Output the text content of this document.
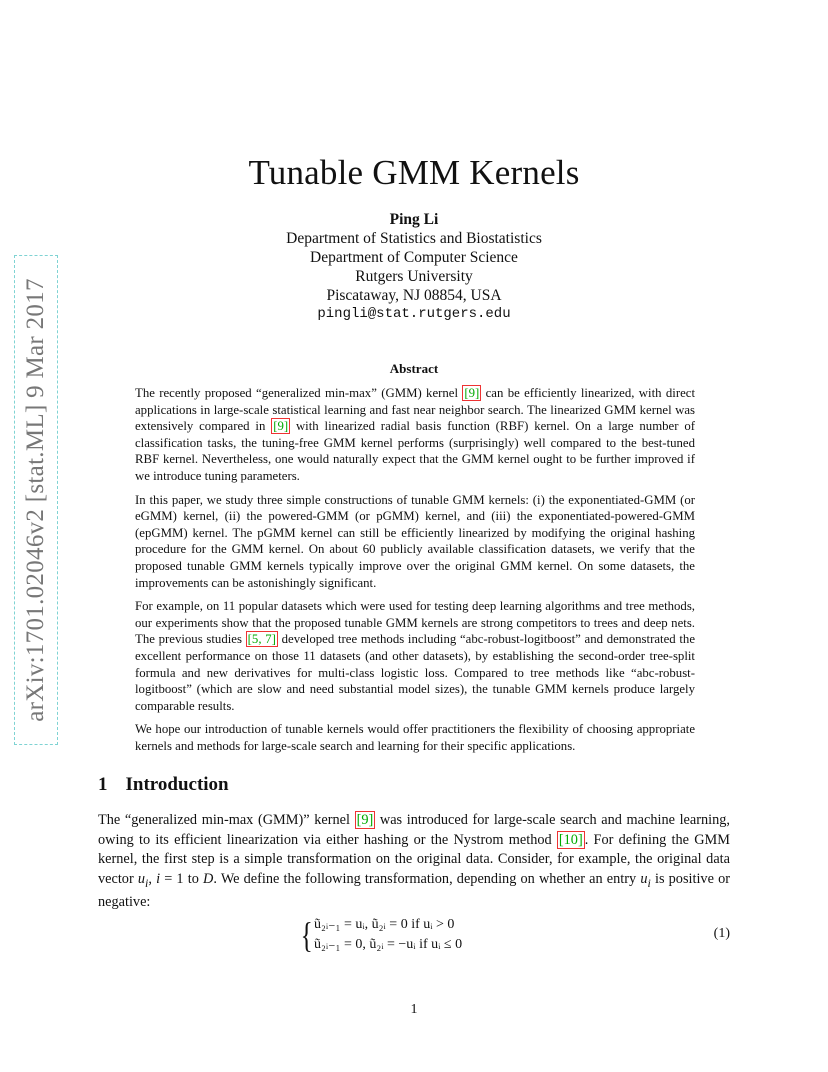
arXiv:1701.02046v2 [stat.ML] 9 Mar 2017
Tunable GMM Kernels
Ping Li
Department of Statistics and Biostatistics
Department of Computer Science
Rutgers University
Piscataway, NJ 08854, USA
pingli@stat.rutgers.edu
Abstract

The recently proposed “generalized min-max” (GMM) kernel [9] can be efficiently linearized, with direct applications in large-scale statistical learning and fast near neighbor search. The linearized GMM kernel was extensively compared in [9] with linearized radial basis function (RBF) kernel. On a large number of classification tasks, the tuning-free GMM kernel performs (surprisingly) well compared to the best-tuned RBF kernel. Nevertheless, one would naturally expect that the GMM kernel ought to be further improved if we introduce tuning parameters.

In this paper, we study three simple constructions of tunable GMM kernels: (i) the exponentiated-GMM (or eGMM) kernel, (ii) the powered-GMM (or pGMM) kernel, and (iii) the exponentiated-powered-GMM (epGMM) kernel. The pGMM kernel can still be efficiently linearized by modifying the original hashing procedure for the GMM kernel. On about 60 publicly available classification datasets, we verify that the proposed tunable GMM kernels typically improve over the original GMM kernel. On some datasets, the improvements can be astonishingly significant.

For example, on 11 popular datasets which were used for testing deep learning algorithms and tree methods, our experiments show that the proposed tunable GMM kernels are strong competitors to trees and deep nets. The previous studies [5, 7] developed tree methods including “abc-robust-logitboost” and demonstrated the excellent performance on those 11 datasets (and other datasets), by establishing the second-order tree-split formula and new derivatives for multi-class logistic loss. Compared to tree methods like “abc-robust-logitboost” (which are slow and need substantial model sizes), the tunable GMM kernels produce largely comparable results.

We hope our introduction of tunable kernels would offer practitioners the flexibility of choosing appropriate kernels and methods for large-scale search and learning for their specific applications.

1 Introduction

The “generalized min-max (GMM)” kernel [9] was introduced for large-scale search and machine learning, owing to its efficient linearization via either hashing or the Nystrom method [10] . For defining the GMM kernel, the first step is a simple transformation on the original data. Consider, for example, the original data vector $u_i$, i = 1 to D. We define the following transformation, depending on whether an entry $u_i$ is positive or negative:

{ ũ₂ᵢ₋₁ = uᵢ, ũ₂ᵢ = 0 if uᵢ > 0
ũ₂ᵢ₋₁ = 0, ũ₂ᵢ = −uᵢ if uᵢ ≤ 0
(1)
1
